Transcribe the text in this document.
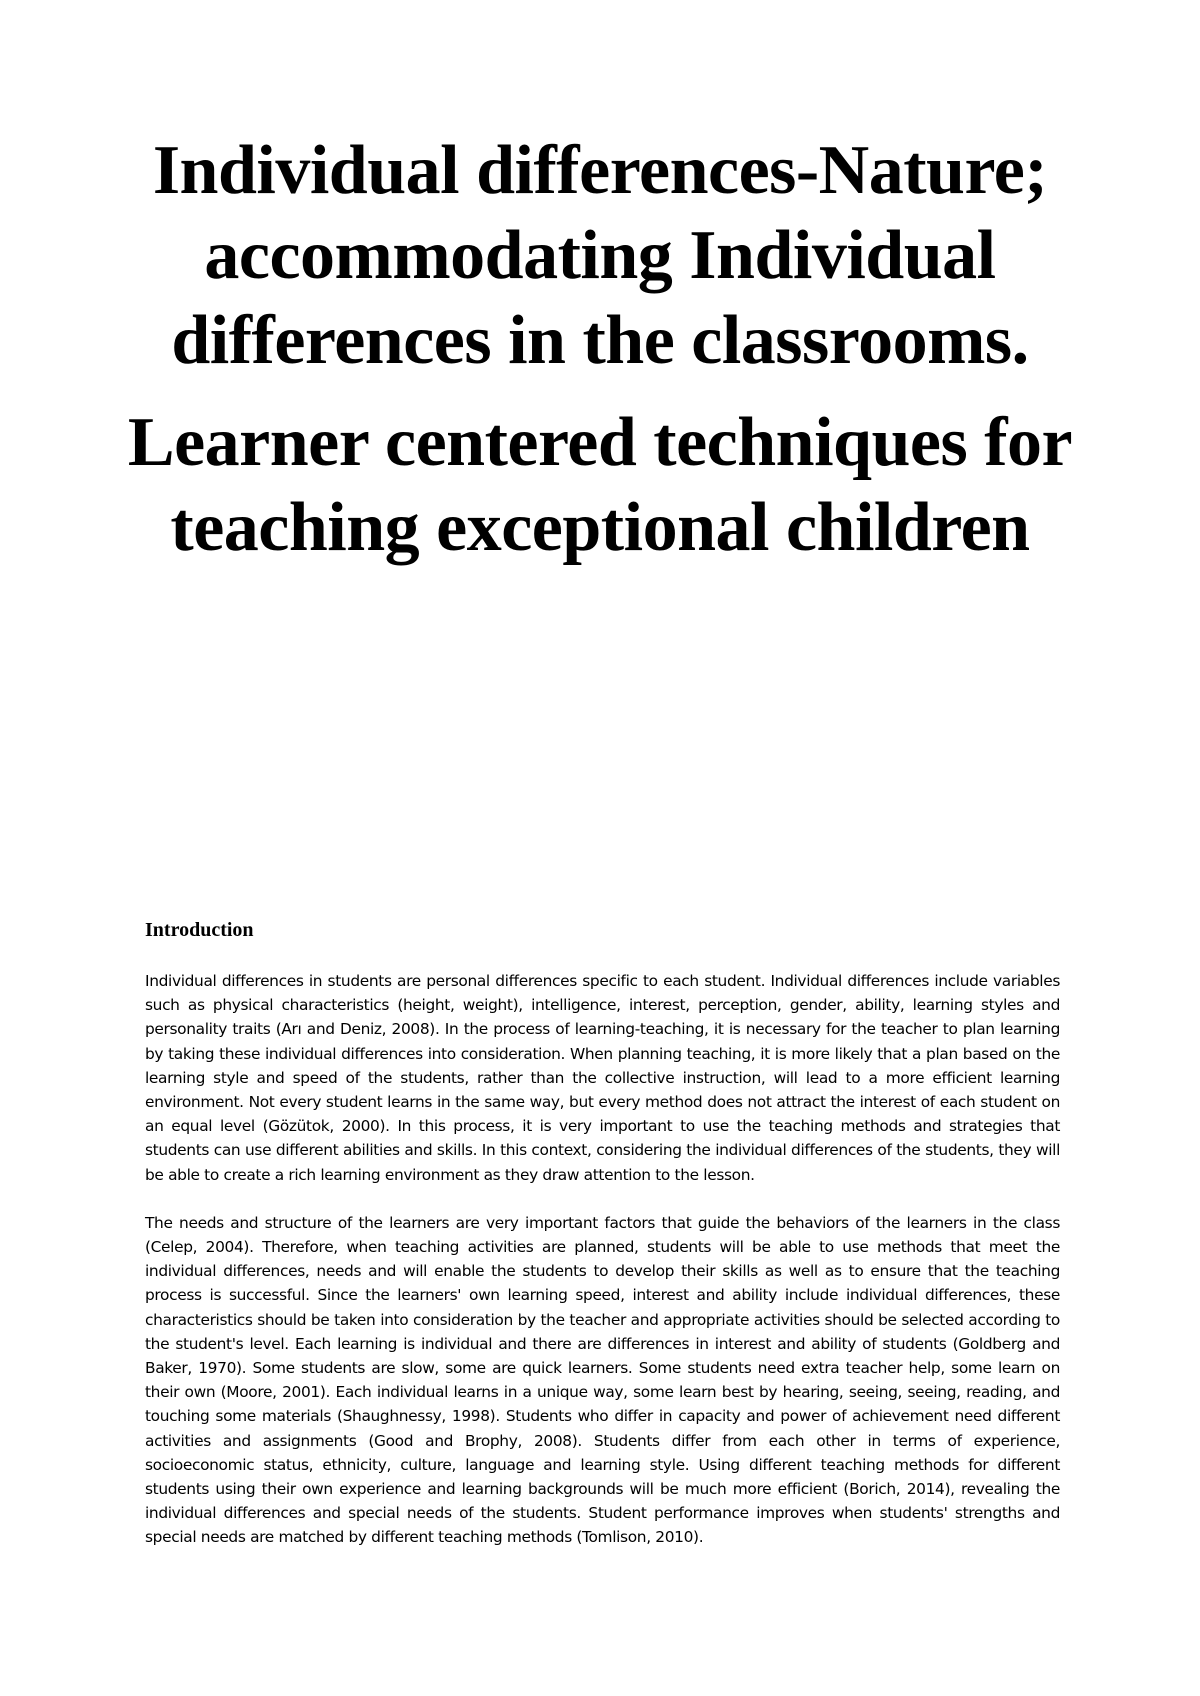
Individual differences-Nature; accommodating Individual differences in the classrooms.

Learner centered techniques for teaching exceptional children

Introduction

Individual differences in students are personal differences specific to each student. Individual differences include variables such as physical characteristics (height, weight), intelligence, interest, perception, gender, ability, learning styles and personality traits (Arı and Deniz, 2008). In the process of learning-teaching, it is necessary for the teacher to plan learning by taking these individual differences into consideration. When planning teaching, it is more likely that a plan based on the learning style and speed of the students, rather than the collective instruction, will lead to a more efficient learning environment. Not every student learns in the same way, but every method does not attract the interest of each student on an equal level (Gözütok, 2000). In this process, it is very important to use the teaching methods and strategies that students can use different abilities and skills. In this context, considering the individual differences of the students, they will be able to create a rich learning environment as they draw attention to the lesson.

The needs and structure of the learners are very important factors that guide the behaviors of the learners in the class (Celep, 2004). Therefore, when teaching activities are planned, students will be able to use methods that meet the individual differences, needs and will enable the students to develop their skills as well as to ensure that the teaching process is successful. Since the learners' own learning speed, interest and ability include individual differences, these characteristics should be taken into consideration by the teacher and appropriate activities should be selected according to the student's level. Each learning is individual and there are differences in interest and ability of students (Goldberg and Baker, 1970). Some students are slow, some are quick learners. Some students need extra teacher help, some learn on their own (Moore, 2001). Each individual learns in a unique way, some learn best by hearing, seeing, seeing, reading, and touching some materials (Shaughnessy, 1998). Students who differ in capacity and power of achievement need different activities and assignments (Good and Brophy, 2008). Students differ from each other in terms of experience, socioeconomic status, ethnicity, culture, language and learning style. Using different teaching methods for different students using their own experience and learning backgrounds will be much more efficient (Borich, 2014), revealing the individual differences and special needs of the students. Student performance improves when students' strengths and special needs are matched by different teaching methods (Tomlison, 2010).
